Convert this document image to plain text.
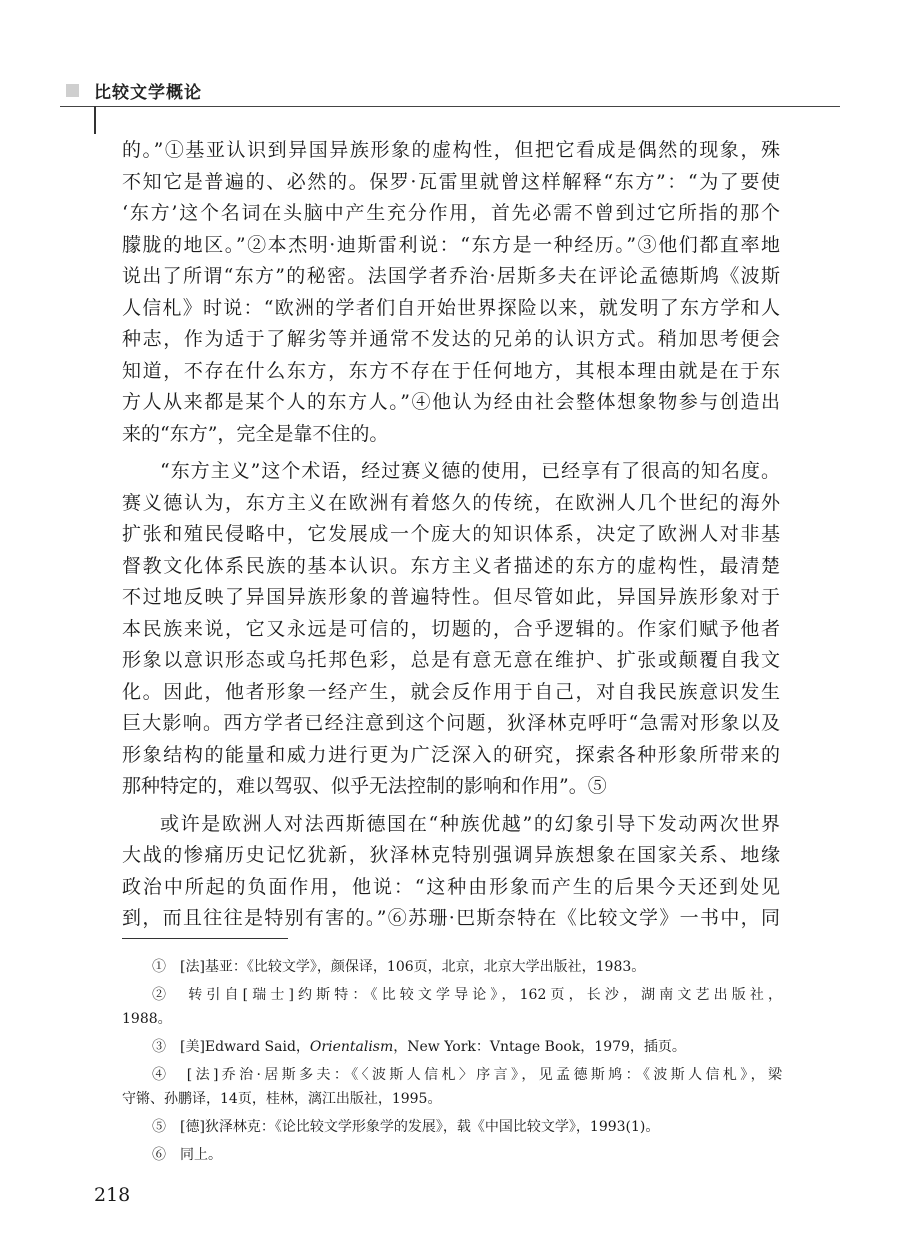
比较文学概论
的。”①基亚认识到异国异族形象的虚构性，但把它看成是偶然的现象，殊
不知它是普遍的、必然的。保罗·瓦雷里就曾这样解释“东方”：“为了要使
‘东方’这个名词在头脑中产生充分作用，首先必需不曾到过它所指的那个
朦胧的地区。”②本杰明·迪斯雷利说：“东方是一种经历。”③他们都直率地
说出了所谓“东方”的秘密。法国学者乔治·居斯多夫在评论孟德斯鸠《波斯
人信札》时说：“欧洲的学者们自开始世界探险以来，就发明了东方学和人
种志，作为适于了解劣等并通常不发达的兄弟的认识方式。稍加思考便会
知道，不存在什么东方，东方不存在于任何地方，其根本理由就是在于东
方人从来都是某个人的东方人。”④他认为经由社会整体想象物参与创造出
来的“东方”，完全是靠不住的。
“东方主义”这个术语，经过赛义德的使用，已经享有了很高的知名度。
赛义德认为，东方主义在欧洲有着悠久的传统，在欧洲人几个世纪的海外
扩张和殖民侵略中，它发展成一个庞大的知识体系，决定了欧洲人对非基
督教文化体系民族的基本认识。东方主义者描述的东方的虚构性，最清楚
不过地反映了异国异族形象的普遍特性。但尽管如此，异国异族形象对于
本民族来说，它又永远是可信的，切题的，合乎逻辑的。作家们赋予他者
形象以意识形态或乌托邦色彩，总是有意无意在维护、扩张或颠覆自我文
化。因此，他者形象一经产生，就会反作用于自己，对自我民族意识发生
巨大影响。西方学者已经注意到这个问题，狄泽林克呼吁“急需对形象以及
形象结构的能量和威力进行更为广泛深入的研究，探索各种形象所带来的
那种特定的，难以驾驭、似乎无法控制的影响和作用”。⑤
或许是欧洲人对法西斯德国在“种族优越”的幻象引导下发动两次世界
大战的惨痛历史记忆犹新，狄泽林克特别强调异族想象在国家关系、地缘
政治中所起的负面作用，他说：“这种由形象而产生的后果今天还到处见
到，而且往往是特别有害的。”⑥苏珊·巴斯奈特在《比较文学》一书中，同
①　[法]基亚：《比较文学》，颜保译，106页，北京，北京大学出版社，1983。
②　转引自[瑞士]约斯特：《比较文学导论》，162页，长沙，湖南文艺出版社，
1988。
③　[美]Edward Said，Orientalism，New York：Vntage Book，1979，插页。
④　[法]乔治·居斯多夫：《〈波斯人信札〉序言》，见孟德斯鸠：《波斯人信札》，梁
守锵、孙鹏译，14页，桂林，漓江出版社，1995。
⑤　[德]狄泽林克：《论比较文学形象学的发展》，载《中国比较文学》，1993(1)。
⑥　同上。
218
